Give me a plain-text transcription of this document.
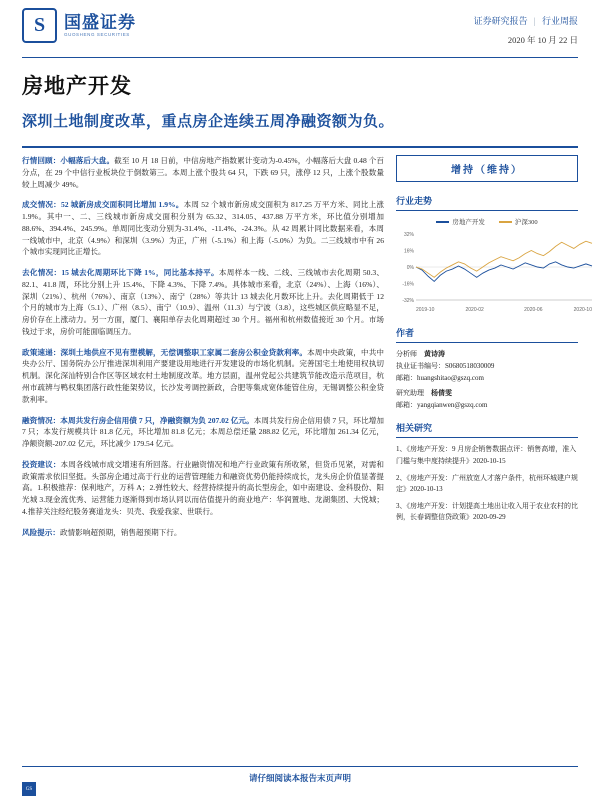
S	国盛证券
GUOSHENG SECURITIES
证券研究报告 | 行业周报
2020 年 10 月 22 日
房地产开发
深圳土地制度改革，重点房企连续五周净融资额为负。
行情回顾：小幅落后大盘。截至 10 月 18 日前，中信房地产指数累计变动为-0.45%，小幅落后大盘 0.48 个百分点，在 29 个中信行业板块位于倒数第三。本周上涨个股共 64 只，下跌 69 只，涨停 12 只，上涨个股数量较上周减少 49%。
成交情况：52 城新房成交面积同比增加 1.9%。本周 52 个城市新房成交面积为 817.25 万平方米、同比上涨 1.9%。其中一、二、三线城市新房成交面积分别为 65.32、314.05、437.88 万平方米，环比值分别增加 88.6%、394.4%、245.9%。单周同比变动分别为-31.4%、-11.4%、-24.3%。从 42 周累计同比数据来看，本周一线城市中，北京（4.9%）和深圳（3.9%）为正，广州（-5.1%）和上海（-5.0%）为负。二三线城市中有 26 个城市实现同比正增长。
去化情况：15 城去化周期环比下降 1%，同比基本持平。本周样本一线、二线、三线城市去化周期 50.3、82.1、41.8 周，环比分别上升 15.4%、下降 4.3%、下降 7.4%。具体城市来看，北京（24%）、上海（16%）、深圳（21%）、杭州（76%）、南京（13%）、南宁（28%）等共计 13 城去化月数环比上升。去化周期低于 12 个月的城市为上海（5.1）、广州（8.5）、南宁（10.9）、温州（11.3）与宁波（3.8），这些城区供应略显不足，房价存在上涨动力。另一方面，厦门、襄阳单存去化周期超过 30 个月。福州和杭州数值接近 30 个月。市场钱过于求，房价可能面临调压力。
政策速递：深圳土地供应不见有塑模解，无偿调整职工家属二套房公积金贷款利率。本周中央政策，中共中央办公厅、国务院办公厅推进深圳利用产要建设用地进行开发建设的市场化机制。完善国宅土地使用权执切机制。深化深汕特别合作区等区域农村土地制度改革。地方层面，温州党起公共建筑节能改造示范项目，杭州市疏辨与鸭权集团落行政性能架势议，长沙发考调控新政，合肥等集成宽体能管住房，无锡调整公积金贷款利率。
融资情况：本周共发行房企信用债 7 只，净融资额为负 207.02 亿元。本周共发行房企信用债 7 只，环比增加 7 只；本发行规模共计 81.8 亿元，环比增加 81.8 亿元；本周总偿还量 288.82 亿元，环比增加 261.34 亿元，净额资额-207.02 亿元，环比减少 179.54 亿元。
投资建议：本周各线城市成交增速有所回落。行业融资情况和地产行业政策有所收紧，但货币见紧，对需和政策需求依旧坚挺。头部房企通过高于行业的运营管理能力和融资优势仍能持续成长，龙头房企价值显著提高。1.积极推荐：保利地产，万科 A；2.弹性较大、经营持续提升的高长型房企，如中南建设、金科股份、阳光城 3.现金流优秀、运营能力逐渐得到市场认同以而估值提升的商业地产：华润置地、龙湖集团、大悦城；4.推荐关注经纪股务赛道龙头：贝壳、我爱我家、世联行。
风险提示：政情影响超预期，销售超预期下行。
增持（维持）
行业走势
房地产开发	沪深300
32%
16%
0%
-16%
-32%
2019-10	2020-02	2020-06	2020-10
作者
分析师　 黄诗涛
执业证书编号：S0680518030009
邮箱：huangshitao@gszq.com
研究助理　 杨倩雯
邮箱：yangqianwen@gszq.com
相关研究
1、《房地产开发：9 月房企销售数据点评：销售高增，准入门槛与集中度持续提升》2020-10-15
2、《房地产开发：广州放宽人才落户条件，杭州环城建户规定》2020-10-13
3、《房地产开发：计划提高土地出让收入用于农业农村的比例，长春调整信贷政策》2020-09-29
请仔细阅读本报告末页声明
GS
